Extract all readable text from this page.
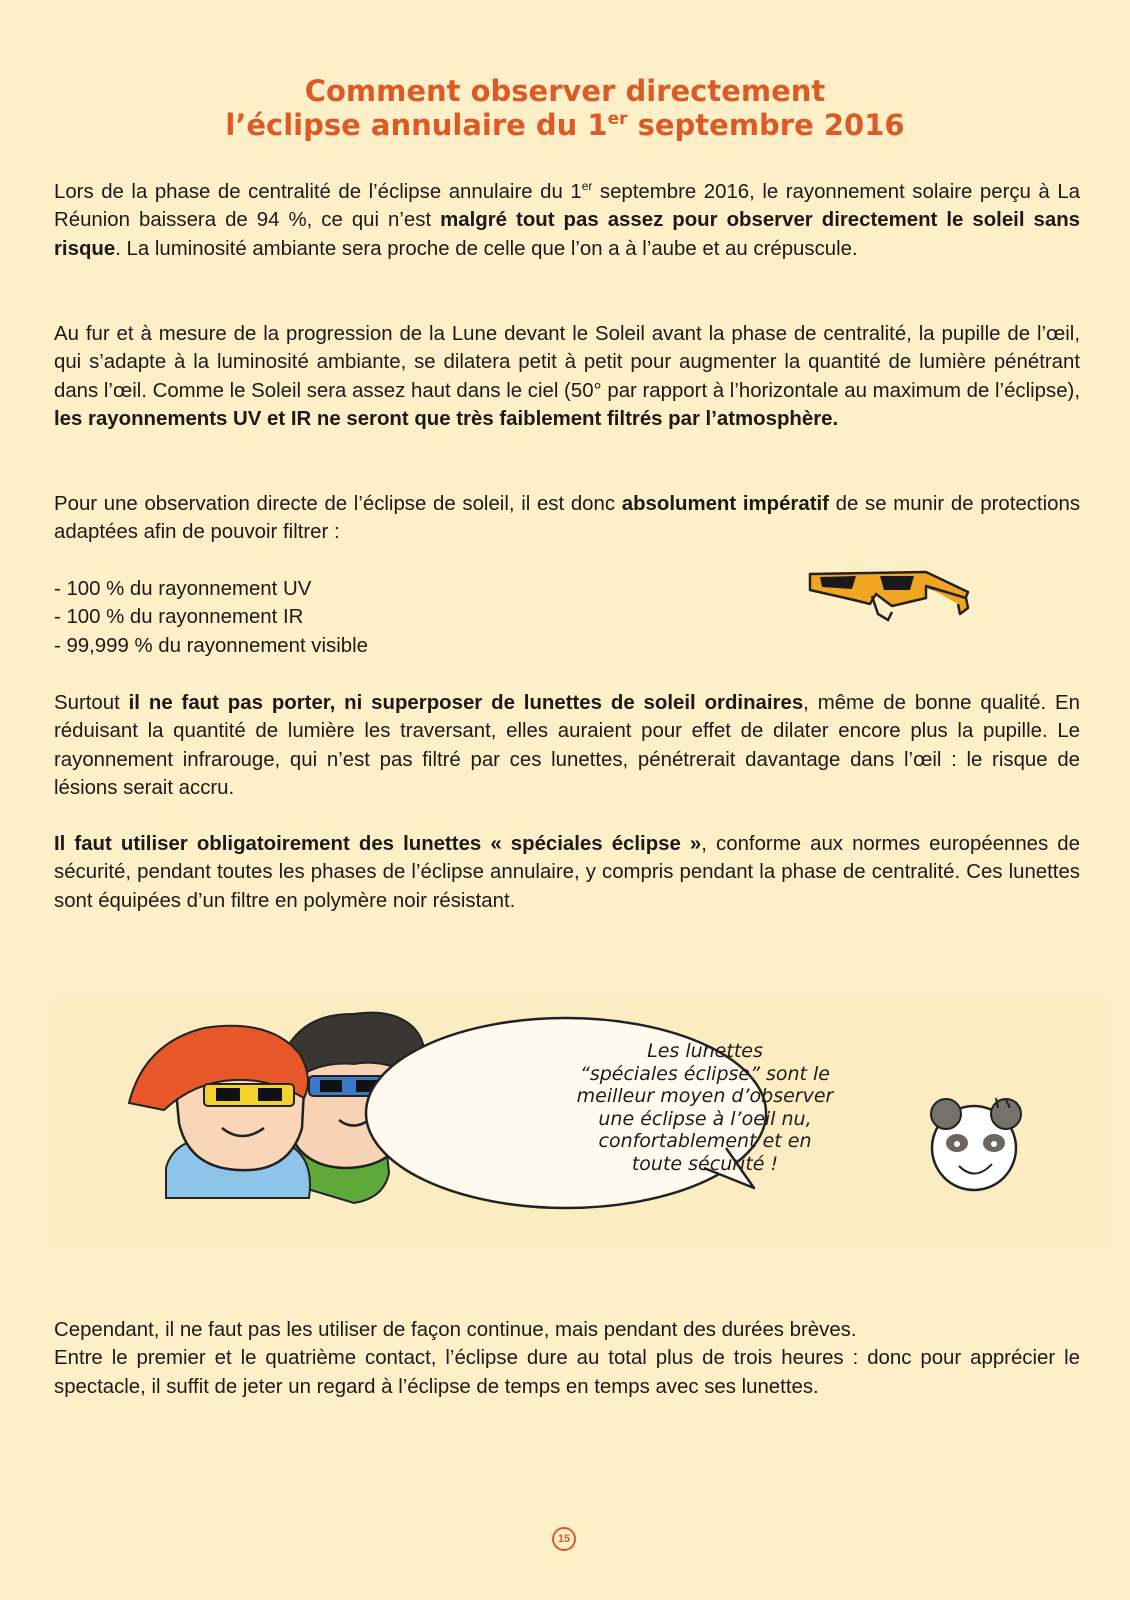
Comment observer directement
l’éclipse annulaire du 1er septembre 2016

Lors de la phase de centralité de l’éclipse annulaire du 1er septembre 2016, le rayonnement solaire perçu à La Réunion baissera de 94 %, ce qui n’est malgré tout pas assez pour observer directement le soleil sans risque. La luminosité ambiante sera proche de celle que l’on a à l’aube et au crépuscule.

Au fur et à mesure de la progression de la Lune devant le Soleil avant la phase de centralité, la pupille de l’œil, qui s’adapte à la luminosité ambiante, se dilatera petit à petit pour augmenter la quantité de lumière pénétrant dans l’œil. Comme le Soleil sera assez haut dans le ciel (50° par rapport à l’horizontale au maximum de l’éclipse), les rayonnements UV et IR ne seront que très faiblement filtrés par l’atmosphère.

Pour une observation directe de l’éclipse de soleil, il est donc absolument impératif de se munir de protections adaptées afin de pouvoir filtrer :

- 100 % du rayonnement UV
- 100 % du rayonnement IR
- 99,999 % du rayonnement visible

Surtout il ne faut pas porter, ni superposer de lunettes de soleil ordinaires, même de bonne qualité. En réduisant la quantité de lumière les traversant, elles auraient pour effet de dilater encore plus la pupille. Le rayonnement infrarouge, qui n’est pas filtré par ces lunettes, pénétrerait davantage dans l’œil : le risque de lésions serait accru.

Il faut utiliser obligatoirement des lunettes « spéciales éclipse », conforme aux normes européennes de sécurité, pendant toutes les phases de l’éclipse annulaire, y compris pendant la phase de centralité. Ces lunettes sont équipées d’un filtre en polymère noir résistant.

Les lunettes
“spéciales éclipse” sont le
meilleur moyen d’observer
une éclipse à l’oeil nu,
confortablement et en
toute sécurité !
Cependant, il ne faut pas les utiliser de façon continue, mais pendant des durées brèves.

Entre le premier et le quatrième contact, l’éclipse dure au total plus de trois heures : donc pour apprécier le spectacle, il suffit de jeter un regard à l’éclipse de temps en temps avec ses lunettes.

15
